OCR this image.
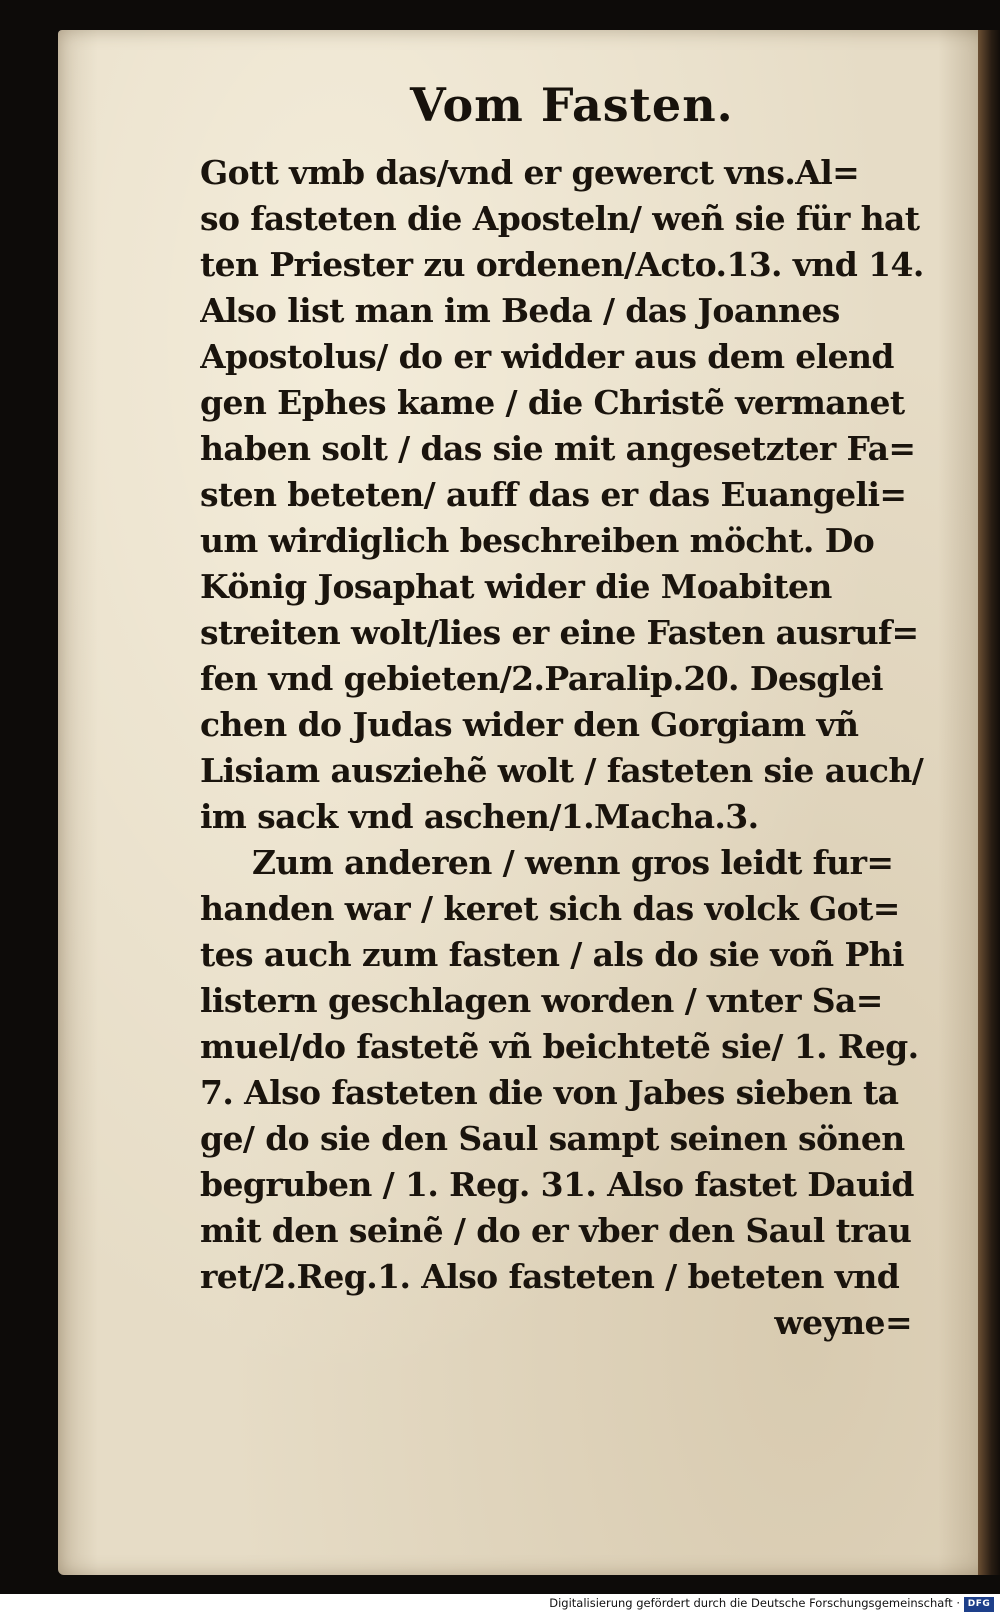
Vom Fasten.
Gott vmb das/vnd er gewerct vns.Al=
so fasteten die Aposteln/ weñ sie für hat
ten Priester zu ordenen/Acto.13. vnd 14.
Also list man im Beda / das Joannes
Apostolus/ do er widder aus dem elend
gen Ephes kame / die Christẽ vermanet
haben solt / das sie mit angesetzter Fa=
sten beteten/ auff das er das Euangeli=
um wirdiglich beschreiben möcht. Do
König Josaphat wider die Moabiten
streiten wolt/lies er eine Fasten ausruf=
fen vnd gebieten/2.Paralip.20. Desglei
chen do Judas wider den Gorgiam vñ
Lisiam ausziehẽ wolt / fasteten sie auch/
im sack vnd aschen/1.Macha.3.
Zum anderen / wenn gros leidt fur=
handen war / keret sich das volck Got=
tes auch zum fasten / als do sie voñ Phi
listern geschlagen worden / vnter Sa=
muel/do fastetẽ vñ beichtetẽ sie/ 1. Reg.
7. Also fasteten die von Jabes sieben ta
ge/ do sie den Saul sampt seinen sönen
begruben / 1. Reg. 31. Also fastet Dauid
mit den seinẽ / do er vber den Saul trau
ret/2.Reg.1. Also fasteten / beteten vnd
weyne=
Digitalisierung gefördert durch die Deutsche Forschungsgemeinschaft · DFG
